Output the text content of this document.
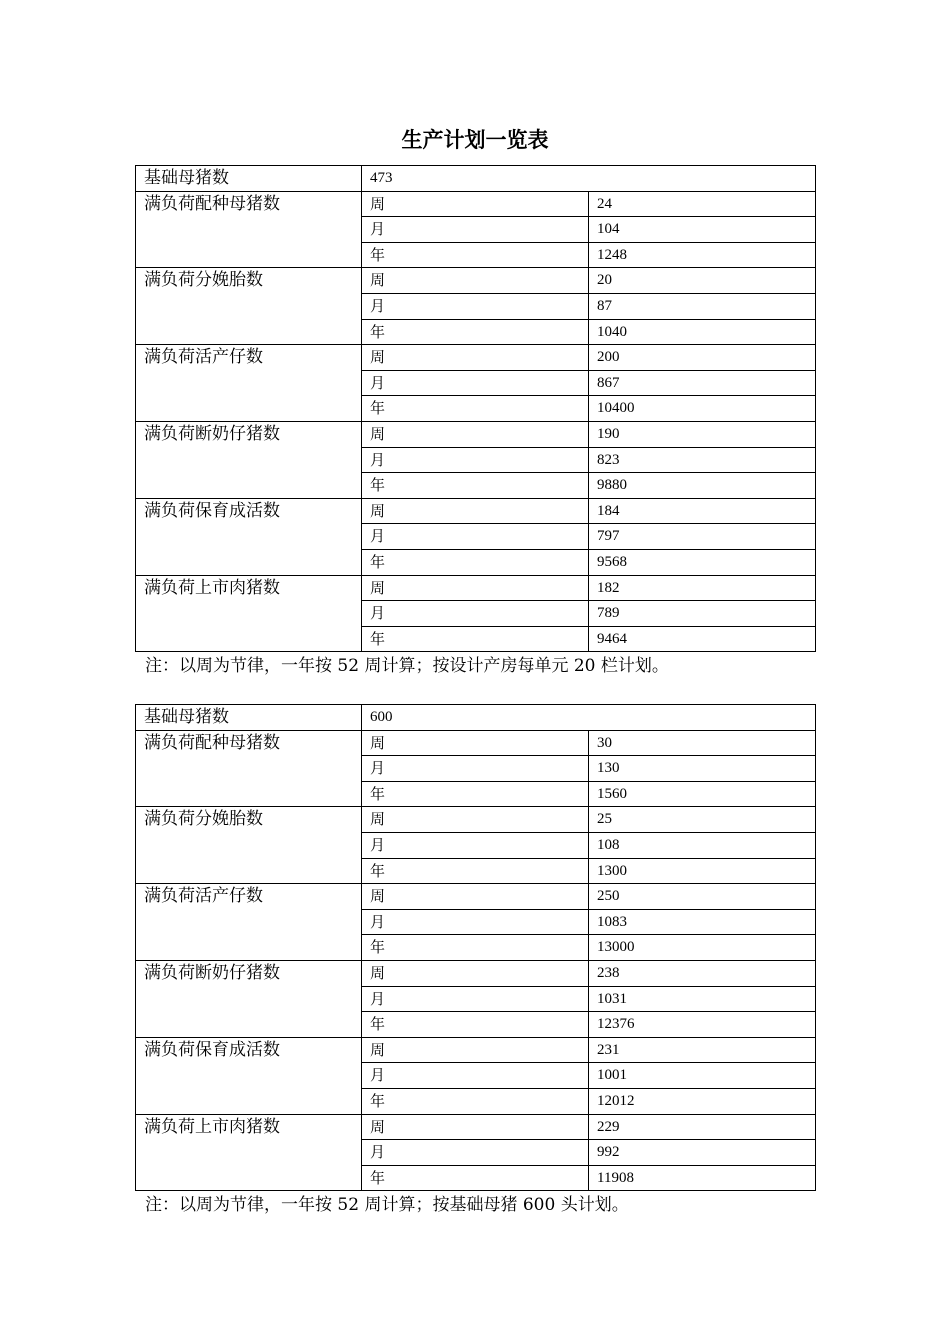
生产计划一览表
基础母猪数	473	
满负荷配种母猪数	周	24
	月	104
	年	1248
满负荷分娩胎数	周	20
	月	87
	年	1040
满负荷活产仔数	周	200
	月	867
	年	10400
满负荷断奶仔猪数	周	190
	月	823
	年	9880
满负荷保育成活数	周	184
	月	797
	年	9568
满负荷上市肉猪数	周	182
	月	789
	年	9464
注：以周为节律，一年按 52 周计算；按设计产房每单元 20 栏计划。
基础母猪数	600	
满负荷配种母猪数	周	30
	月	130
	年	1560
满负荷分娩胎数	周	25
	月	108
	年	1300
满负荷活产仔数	周	250
	月	1083
	年	13000
满负荷断奶仔猪数	周	238
	月	1031
	年	12376
满负荷保育成活数	周	231
	月	1001
	年	12012
满负荷上市肉猪数	周	229
	月	992
	年	11908
注：以周为节律，一年按 52 周计算；按基础母猪 600 头计划。
